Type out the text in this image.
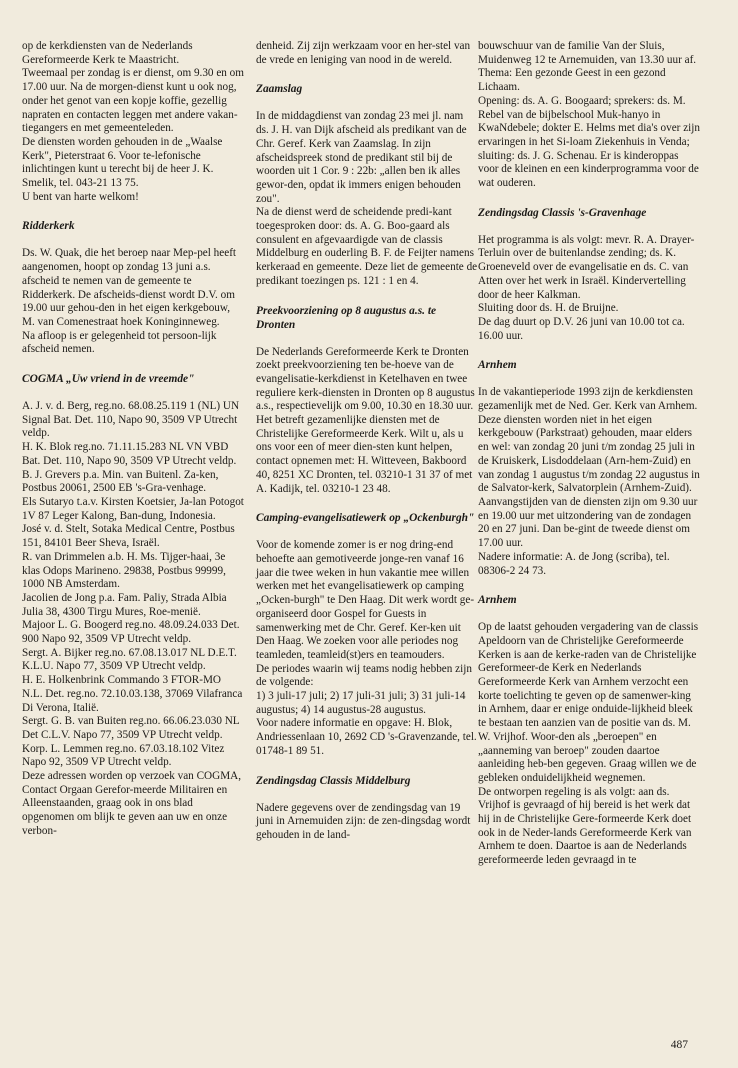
op de kerkdiensten van de Nederlands Gereformeerde Kerk te Maastricht.

Tweemaal per zondag is er dienst, om 9.30 en om 17.00 uur. Na de morgen-dienst kunt u ook nog, onder het genot van een kopje koffie, gezellig napraten en contacten leggen met andere vakan-tiegangers en met gemeenteleden.

De diensten worden gehouden in de „Waalse Kerk", Pieterstraat 6. Voor te-lefonische inlichtingen kunt u terecht bij de heer J. K. Smelik, tel. 043-21 13 75.

U bent van harte welkom!

Ridderkerk

Ds. W. Quak, die het beroep naar Mep-pel heeft aangenomen, hoopt op zondag 13 juni a.s. afscheid te nemen van de gemeente te Ridderkerk. De afscheids-dienst wordt D.V. om 19.00 uur gehou-den in het eigen kerkgebouw, M. van Comenestraat hoek Koninginneweg.

Na afloop is er gelegenheid tot persoon-lijk afscheid nemen.

COGMA „Uw vriend in de vreemde"

A. J. v. d. Berg, reg.no. 68.08.25.119 1 (NL) UN Signal Bat. Det. 110, Napo 90, 3509 VP Utrecht veldp.

H. K. Blok reg.no. 71.11.15.283 NL VN VBD Bat. Det. 110, Napo 90, 3509 VP Utrecht veldp.

B. J. Grevers p.a. Min. van Buitenl. Za-ken, Postbus 20061, 2500 EB 's-Gra-venhage.

Els Sutaryo t.a.v. Kirsten Koetsier, Ja-lan Potogot 1V 87 Leger Kalong, Ban-dung, Indonesia.

José v. d. Stelt, Sotaka Medical Centre, Postbus 151, 84101 Beer Sheva, Israël.

R. van Drimmelen a.b. H. Ms. Tijger-haai, 3e klas Odops Marineno. 29838, Postbus 99999, 1000 NB Amsterdam.

Jacolien de Jong p.a. Fam. Paliy, Strada Albia Julia 38, 4300 Tirgu Mures, Roe-menië.

Majoor L. G. Boogerd reg.no. 48.09.24.033 Det. 900 Napo 92, 3509 VP Utrecht veldp.

Sergt. A. Bijker reg.no. 67.08.13.017 NL D.E.T. K.L.U. Napo 77, 3509 VP Utrecht veldp.

H. E. Holkenbrink Commando 3 FTOR-MO N.L. Det. reg.no. 72.10.03.138, 37069 Vilafranca Di Verona, Italië.

Sergt. G. B. van Buiten reg.no. 66.06.23.030 NL Det C.L.V. Napo 77, 3509 VP Utrecht veldp.

Korp. L. Lemmen reg.no. 67.03.18.102 Vitez Napo 92, 3509 VP Utrecht veldp.

Deze adressen worden op verzoek van COGMA, Contact Orgaan Gerefor-meerde Militairen en Alleenstaanden, graag ook in ons blad opgenomen om blijk te geven aan uw en onze verbon-

denheid. Zij zijn werkzaam voor en her-stel van de vrede en leniging van nood in de wereld.

Zaamslag

In de middagdienst van zondag 23 mei jl. nam ds. J. H. van Dijk afscheid als predikant van de Chr. Geref. Kerk van Zaamslag. In zijn afscheidspreek stond de predikant stil bij de woorden uit 1 Cor. 9 : 22b: „allen ben ik alles gewor-den, opdat ik immers enigen behouden zou".

Na de dienst werd de scheidende predi-kant toegesproken door: ds. A. G. Boo-gaard als consulent en afgevaardigde van de classis Middelburg en ouderling B. F. de Feijter namens kerkeraad en gemeente. Deze liet de gemeente de predikant toezingen ps. 121 : 1 en 4.

Preekvoorziening op 8 augustus a.s. te Dronten

De Nederlands Gereformeerde Kerk te Dronten zoekt preekvoorziening ten be-hoeve van de evangelisatie-kerkdienst in Ketelhaven en twee reguliere kerk-diensten in Dronten op 8 augustus a.s., respectievelijk om 9.00, 10.30 en 18.30 uur. Het betreft gezamenlijke diensten met de Christelijke Gereformeerde Kerk. Wilt u, als u ons voor een of meer dien-sten kunt helpen, contact opnemen met: H. Witteveen, Bakboord 40, 8251 XC Dronten, tel. 03210-1 31 37 of met A. Kadijk, tel. 03210-1 23 48.

Camping-evangelisatiewerk op „Ockenburgh"

Voor de komende zomer is er nog dring-end behoefte aan gemotiveerde jonge-ren vanaf 16 jaar die twee weken in hun vakantie mee willen werken met het evangelisatiewerk op camping „Ocken-burgh" te Den Haag. Dit werk wordt ge-organiseerd door Gospel for Guests in samenwerking met de Chr. Geref. Ker-ken uit Den Haag. We zoeken voor alle periodes nog teamleden, teamleid(st)ers en teamouders.

De periodes waarin wij teams nodig hebben zijn de volgende:

1) 3 juli-17 juli; 2) 17 juli-31 juli; 3) 31 juli-14 augustus; 4) 14 augustus-28 augustus.

Voor nadere informatie en opgave: H. Blok, Andriessenlaan 10, 2692 CD 's-Gravenzande, tel. 01748-1 89 51.

Zendingsdag Classis Middelburg

Nadere gegevens over de zendingsdag van 19 juni in Arnemuiden zijn: de zen-dingsdag wordt gehouden in de land-

bouwschuur van de familie Van der Sluis, Muidenweg 12 te Arnemuiden, van 13.30 uur af. Thema: Een gezonde Geest in een gezond Lichaam.

Opening: ds. A. G. Boogaard; sprekers: ds. M. Rebel van de bijbelschool Muk-hanyo in KwaNdebele; dokter E. Helms met dia's over zijn ervaringen in het Si-loam Ziekenhuis in Venda; sluiting: ds. J. G. Schenau. Er is kinderoppas voor de kleinen en een kinderprogramma voor de wat ouderen.

Zendingsdag Classis 's-Gravenhage

Het programma is als volgt: mevr. R. A. Drayer-Terluin over de buitenlandse zending; ds. K. Groeneveld over de evangelisatie en ds. C. van Atten over het werk in Israël. Kindervertelling door de heer Kalkman.

Sluiting door ds. H. de Bruijne.

De dag duurt op D.V. 26 juni van 10.00 tot ca. 16.00 uur.

Arnhem

In de vakantieperiode 1993 zijn de kerkdiensten gezamenlijk met de Ned. Ger. Kerk van Arnhem. Deze diensten worden niet in het eigen kerkgebouw (Parkstraat) gehouden, maar elders en wel: van zondag 20 juni t/m zondag 25 juli in de Kruiskerk, Lisdoddelaan (Arn-hem-Zuid) en van zondag 1 augustus t/m zondag 22 augustus in de Salvator-kerk, Salvatorplein (Arnhem-Zuid).

Aanvangstijden van de diensten zijn om 9.30 uur en 19.00 uur met uitzondering van de zondagen 20 en 27 juni. Dan be-gint de tweede dienst om 17.00 uur.

Nadere informatie: A. de Jong (scriba), tel. 08306-2 24 73.

Arnhem

Op de laatst gehouden vergadering van de classis Apeldoorn van de Christelijke Gereformeerde Kerken is aan de kerke-raden van de Christelijke Gereformeer-de Kerk en Nederlands Gereformeerde Kerk van Arnhem verzocht een korte toelichting te geven op de samenwer-king in Arnhem, daar er enige onduide-lijkheid bleek te bestaan ten aanzien van de positie van ds. M. W. Vrijhof. Woor-den als „beroepen" en „aanneming van beroep" zouden daartoe aanleiding heb-ben gegeven. Graag willen we de gebleken onduidelijkheid wegnemen.

De ontworpen regeling is als volgt: aan ds. Vrijhof is gevraagd of hij bereid is het werk dat hij in de Christelijke Gere-formeerde Kerk doet ook in de Neder-lands Gereformeerde Kerk van Arnhem te doen. Daartoe is aan de Nederlands gereformeerde leden gevraagd in te

487
